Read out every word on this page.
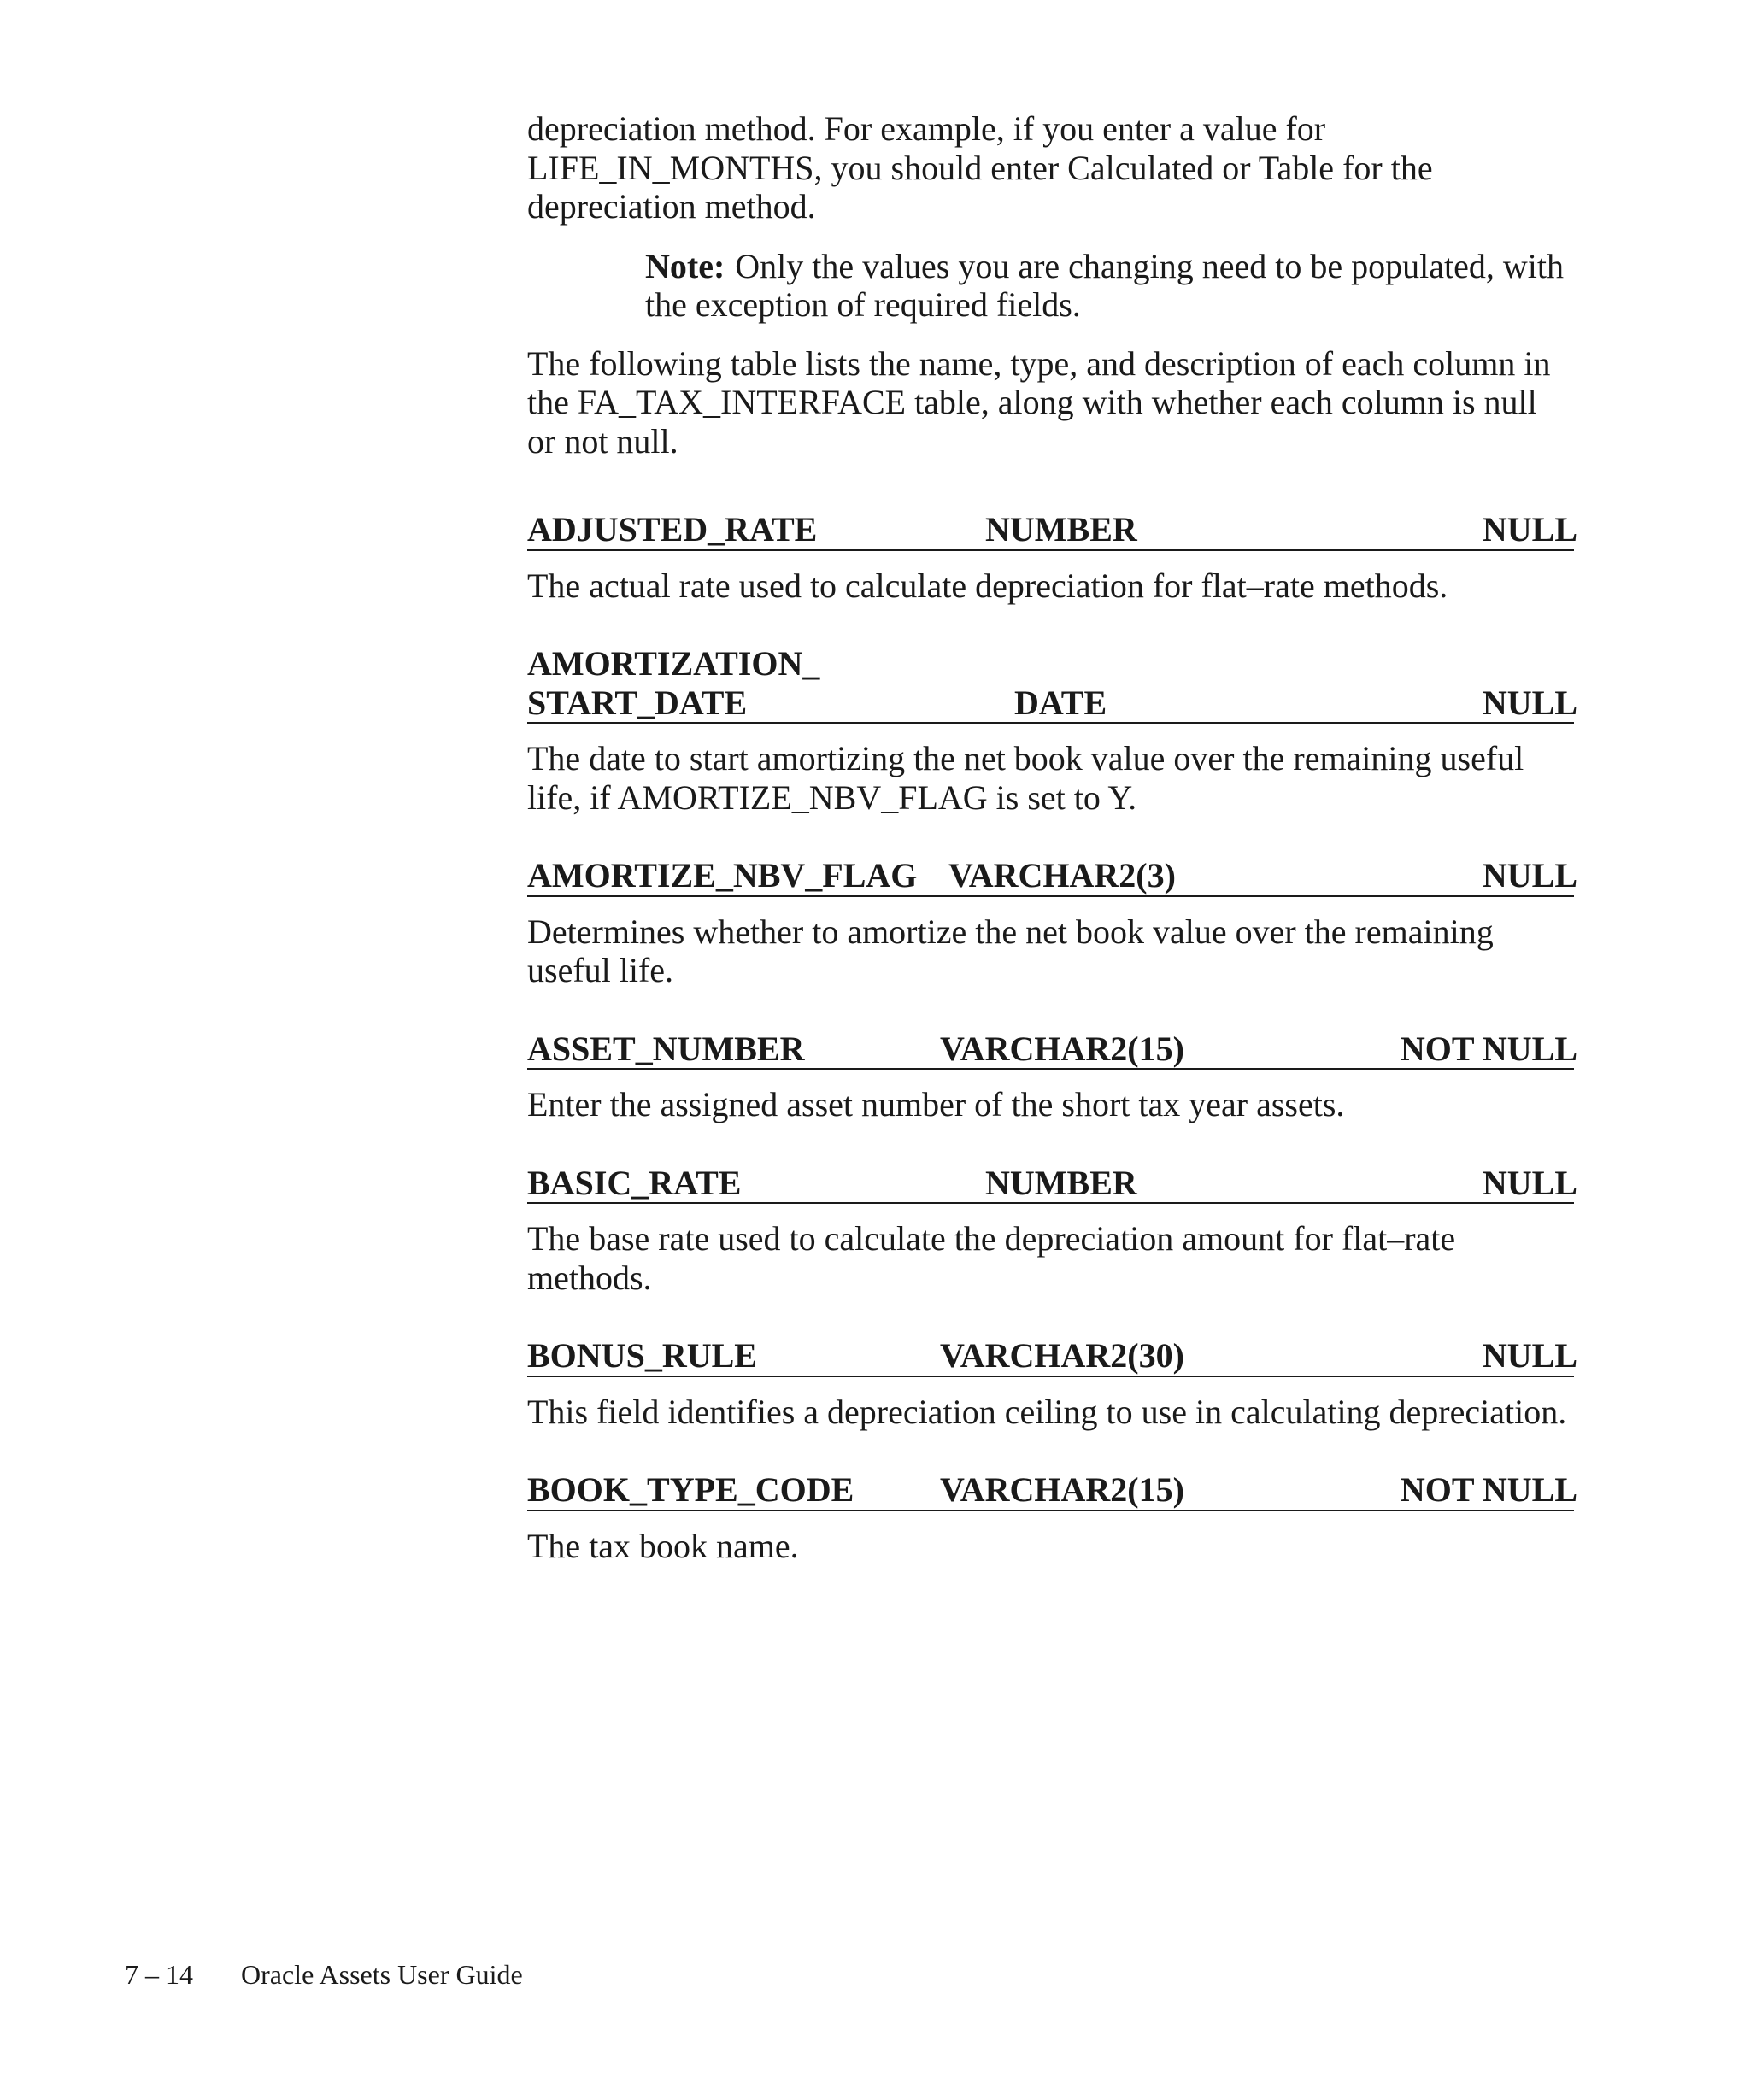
depreciation method. For example, if you enter a value for LIFE_IN_MONTHS, you should enter Calculated or Table for the depreciation method.

Note: Only the values you are changing need to be populated, with the exception of required fields.

The following table lists the name, type, and description of each column in the FA_TAX_INTERFACE table, along with whether each column is null or not null.

ADJUSTED_RATE	NUMBER	NULL
The actual rate used to calculate depreciation for flat–rate methods.
AMORTIZATION_ START_DATE	DATE	NULL
The date to start amortizing the net book value over the remaining useful life, if AMORTIZE_NBV_FLAG is set to Y.
AMORTIZE_NBV_FLAG VARCHAR2(3)	NULL
Determines whether to amortize the net book value over the remaining useful life.
ASSET_NUMBER	VARCHAR2(15)	NOT NULL
Enter the assigned asset number of the short tax year assets.
BASIC_RATE	NUMBER	NULL
The base rate used to calculate the depreciation amount for flat–rate methods.
BONUS_RULE	VARCHAR2(30)	NULL
This field identifies a depreciation ceiling to use in calculating depreciation.
BOOK_TYPE_CODE	VARCHAR2(15)	NOT NULL
The tax book name.
7 – 14 Oracle Assets User Guide
